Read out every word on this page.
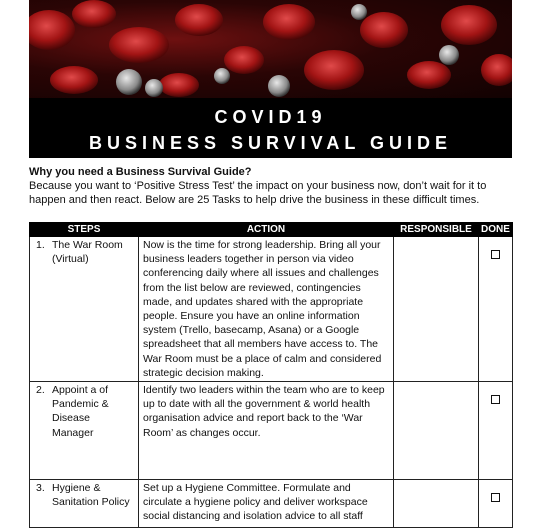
COVID19
BUSINESS SURVIVAL GUIDE
Why you need a Business Survival Guide?
Because you want to ‘Positive Stress Test’ the impact on your business now, don’t wait for it to happen and then react. Below are 25 Tasks to help drive the business in these difficult times.
STEPS	ACTION	RESPONSIBLE	DONE
1. The War Room (Virtual)	Now is the time for strong leadership. Bring all your business leaders together in person via video conferencing daily where all issues and challenges from the list below are reviewed, contingencies made, and updates shared with the appropriate people. Ensure you have an online information system (Trello, basecamp, Asana) or a Google spreadsheet that all members have access to. The War Room must be a place of calm and considered strategic decision making.		
2. Appoint a of Pandemic & Disease Manager	Identify two leaders within the team who are to keep up to date with all the government & world health organisation advice and report back to the ‘War Room’ as changes occur.		
3. Hygiene & Sanitation Policy	Set up a Hygiene Committee. Formulate and circulate a hygiene policy and deliver workspace social distancing and isolation advice to all staff		
